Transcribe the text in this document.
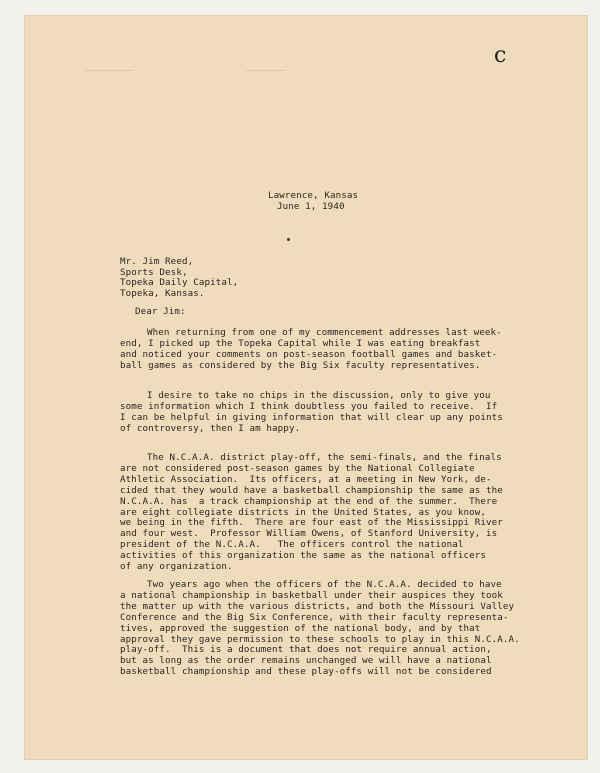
c
Lawrence, Kansas
June 1, 1940
Mr. Jim Reed,
Sports Desk,
Topeka Daily Capital,
Topeka, Kansas.
Dear Jim:
When returning from one of my commencement addresses last week-
end, I picked up the Topeka Capital while I was eating breakfast
and noticed your comments on post-season football games and basket-
ball games as considered by the Big Six faculty representatives.
I desire to take no chips in the discussion, only to give you
some information which I think doubtless you failed to receive.  If
I can be helpful in giving information that will clear up any points
of controversy, then I am happy.
The N.C.A.A. district play-off, the semi-finals, and the finals
are not considered post-season games by the National Collegiate
Athletic Association.  Its officers, at a meeting in New York, de-
cided that they would have a basketball championship the same as the
N.C.A.A. has  a track championship at the end of the summer.  There
are eight collegiate districts in the United States, as you know,
we being in the fifth.  There are four east of the Mississippi River
and four west.  Professor William Owens, of Stanford University, is
president of the N.C.A.A.   The officers control the national
activities of this organization the same as the national officers
of any organization.
Two years ago when the officers of the N.C.A.A. decided to have
a national championship in basketball under their auspices they took
the matter up with the various districts, and both the Missouri Valley
Conference and the Big Six Conference, with their faculty representa-
tives, approved the suggestion of the national body, and by that
approval they gave permission to these schools to play in this N.C.A.A.
play-off.  This is a document that does not require annual action,
but as long as the order remains unchanged we will have a national
basketball championship and these play-offs will not be considered
